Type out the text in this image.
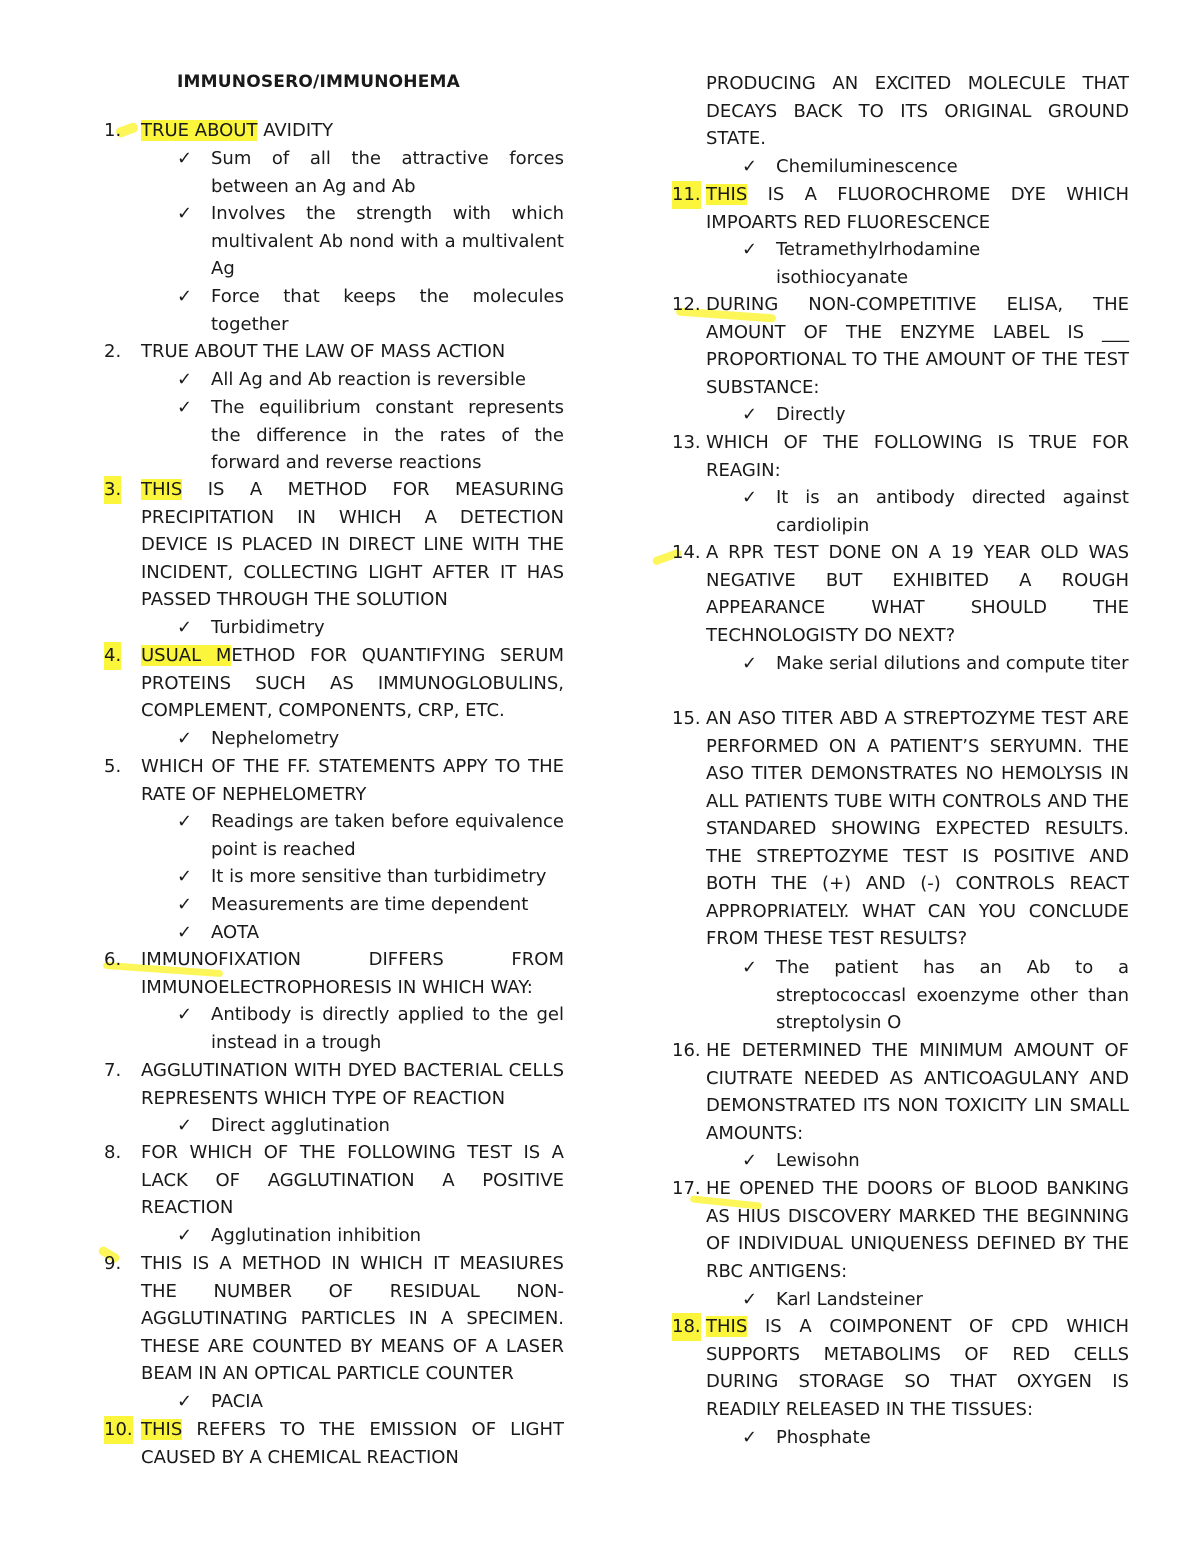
IMMUNOSERO/IMMUNOHEMA
1. TRUE ABOUT AVIDITY
✓ Sum of all the attractive forces between an Ag and Ab
✓ Involves the strength with which multivalent Ab nond with a multivalent Ag
✓ Force that keeps the molecules together
2. TRUE ABOUT THE LAW OF MASS ACTION
✓ All Ag and Ab reaction is reversible
✓ The equilibrium constant represents the difference in the rates of the forward and reverse reactions
3. THIS IS A METHOD FOR MEASURING PRECIPITATION IN WHICH A DETECTION DEVICE IS PLACED IN DIRECT LINE WITH THE INCIDENT, COLLECTING LIGHT AFTER IT HAS PASSED THROUGH THE SOLUTION
✓ Turbidimetry
4. USUAL METHOD FOR QUANTIFYING SERUM PROTEINS SUCH AS IMMUNOGLOBULINS, COMPLEMENT, COMPONENTS, CRP, ETC.
✓ Nephelometry
5. WHICH OF THE FF. STATEMENTS APPY TO THE RATE OF NEPHELOMETRY
✓ Readings are taken before equivalence point is reached
✓ It is more sensitive than turbidimetry
✓ Measurements are time dependent
✓ AOTA
6. IMMUNOFIXATION DIFFERS FROM IMMUNOELECTROPHORESIS IN WHICH WAY:
✓ Antibody is directly applied to the gel instead in a trough
7. AGGLUTINATION WITH DYED BACTERIAL CELLS REPRESENTS WHICH TYPE OF REACTION
✓ Direct agglutination
8. FOR WHICH OF THE FOLLOWING TEST IS A LACK OF AGGLUTINATION A POSITIVE REACTION
✓ Agglutination inhibition
9. THIS IS A METHOD IN WHICH IT MEASIURES THE NUMBER OF RESIDUAL NON-AGGLUTINATING PARTICLES IN A SPECIMEN. THESE ARE COUNTED BY MEANS OF A LASER BEAM IN AN OPTICAL PARTICLE COUNTER
✓ PACIA
10. THIS REFERS TO THE EMISSION OF LIGHT CAUSED BY A CHEMICAL REACTION
PRODUCING AN EXCITED MOLECULE THAT DECAYS BACK TO ITS ORIGINAL GROUND STATE.
✓ Chemiluminescence
11. THIS IS A FLUOROCHROME DYE WHICH IMPOARTS RED FLUORESCENCE
✓ Tetramethylrhodamine isothiocyanate
12. DURING NON-COMPETITIVE ELISA, THE AMOUNT OF THE ENZYME LABEL IS ___ PROPORTIONAL TO THE AMOUNT OF THE TEST SUBSTANCE:
✓ Directly
13. WHICH OF THE FOLLOWING IS TRUE FOR REAGIN:
✓ It is an antibody directed against cardiolipin
14. A RPR TEST DONE ON A 19 YEAR OLD WAS NEGATIVE BUT EXHIBITED A ROUGH APPEARANCE WHAT SHOULD THE TECHNOLOGISTY DO NEXT?
✓ Make serial dilutions and compute titer
15. AN ASO TITER ABD A STREPTOZYME TEST ARE PERFORMED ON A PATIENT’S SERYUMN. THE ASO TITER DEMONSTRATES NO HEMOLYSIS IN ALL PATIENTS TUBE WITH CONTROLS AND THE STANDARED SHOWING EXPECTED RESULTS. THE STREPTOZYME TEST IS POSITIVE AND BOTH THE (+) AND (-) CONTROLS REACT APPROPRIATELY. WHAT CAN YOU CONCLUDE FROM THESE TEST RESULTS?
✓ The patient has an Ab to a streptococcasl exoenzyme other than streptolysin O
16. HE DETERMINED THE MINIMUM AMOUNT OF CIUTRATE NEEDED AS ANTICOAGULANY AND DEMONSTRATED ITS NON TOXICITY LIN SMALL AMOUNTS:
✓ Lewisohn
17. HE OPENED THE DOORS OF BLOOD BANKING AS HIUS DISCOVERY MARKED THE BEGINNING OF INDIVIDUAL UNIQUENESS DEFINED BY THE RBC ANTIGENS:
✓ Karl Landsteiner
18. THIS IS A COIMPONENT OF CPD WHICH SUPPORTS METABOLIMS OF RED CELLS DURING STORAGE SO THAT OXYGEN IS READILY RELEASED IN THE TISSUES:
✓ Phosphate
